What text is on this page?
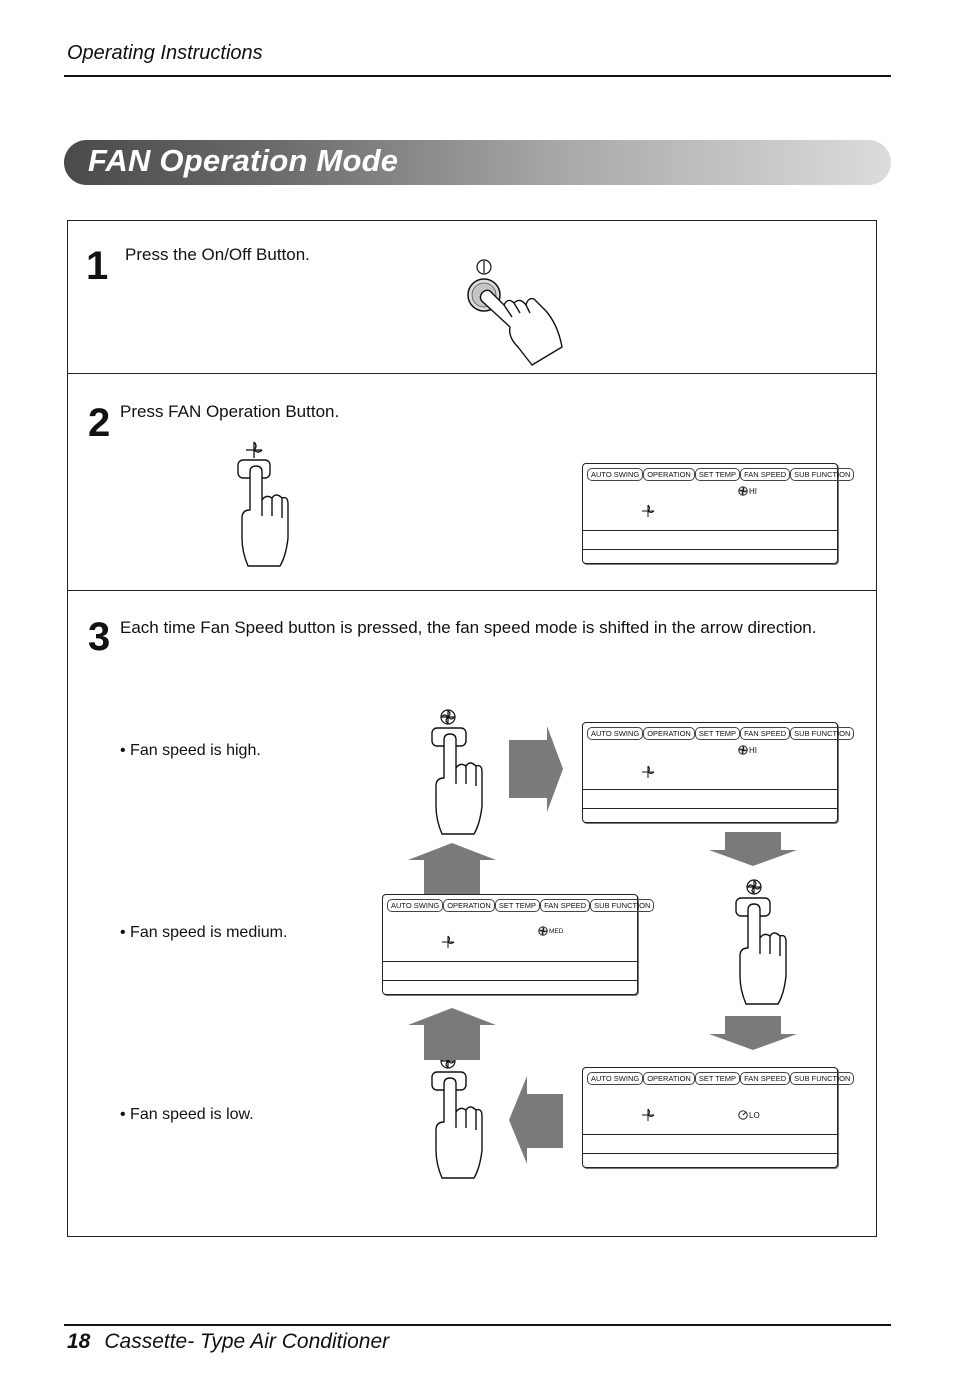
Operating Instructions
FAN Operation Mode
1 Press the On/Off Button.
2 Press FAN Operation Button.
AUTO SWING	OPERATION	SET TEMP	FAN SPEED	SUB FUNCTION
HI
3 Each time Fan Speed button is pressed, the fan speed mode is shifted in the arrow direction.
• Fan speed is high.
• Fan speed is medium.
• Fan speed is low.
AUTO SWING	OPERATION	SET TEMP	FAN SPEED	SUB FUNCTION
HI
AUTO SWING	OPERATION	SET TEMP	FAN SPEED	SUB FUNCTION
MED
AUTO SWING	OPERATION	SET TEMP	FAN SPEED	SUB FUNCTION
LO
18 Cassette- Type Air Conditioner
